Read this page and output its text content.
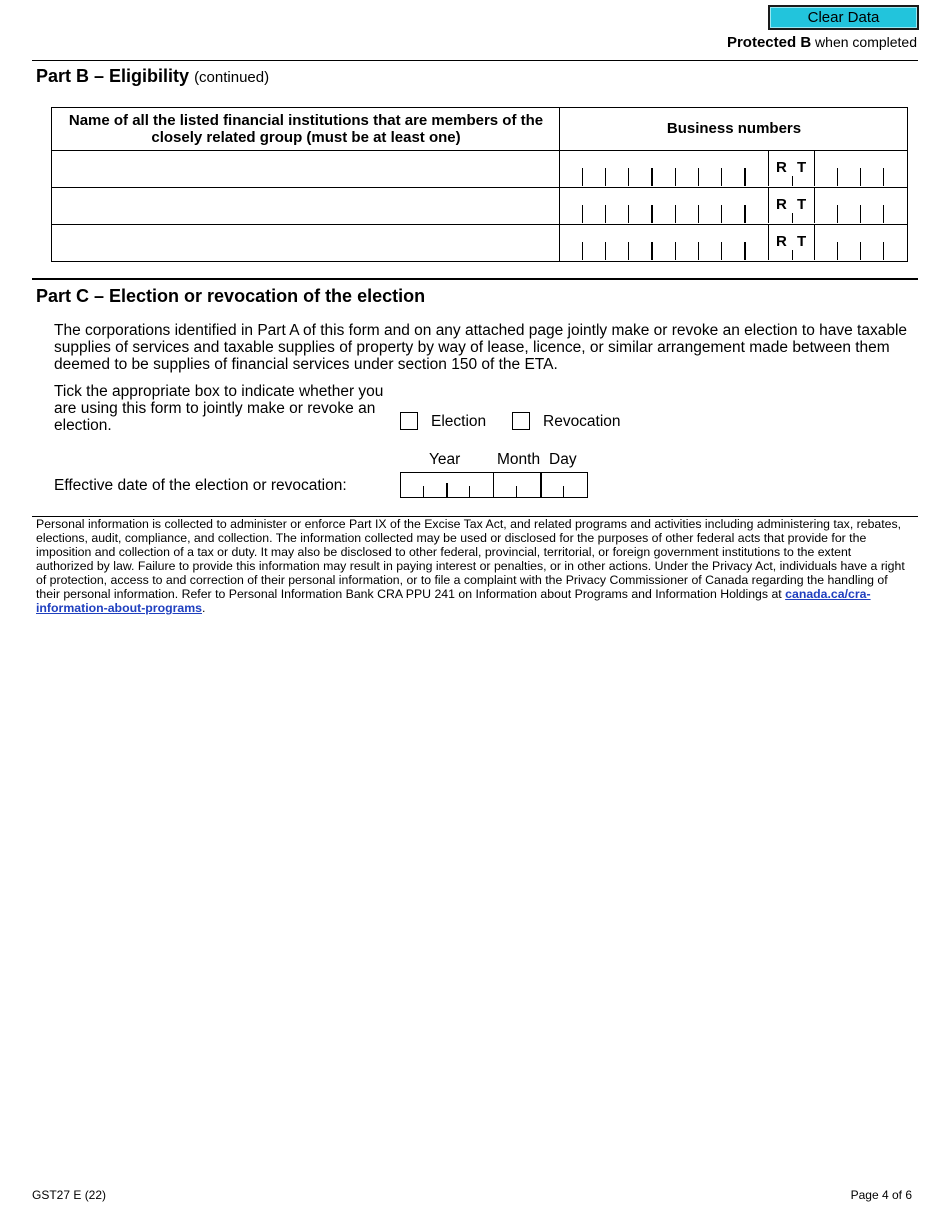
Clear Data
Protected B when completed
Part B – Eligibility (continued)
Name of all the listed financial institutions that are members of the closely related group (must be at least one)
Business numbers
R T
R T
R T
Part C – Election or revocation of the election
The corporations identified in Part A of this form and on any attached page jointly make or revoke an election to have taxable supplies of services and taxable supplies of property by way of lease, licence, or similar arrangement made between them deemed to be supplies of financial services under section 150 of the ETA.
Tick the appropriate box to indicate whether you are using this form to jointly make or revoke an election.	Election	Revocation
Year Month Day
Effective date of the election or revocation:
Personal information is collected to administer or enforce Part IX of the Excise Tax Act, and related programs and activities including administering tax, rebates, elections, audit, compliance, and collection. The information collected may be used or disclosed for the purposes of other federal acts that provide for the imposition and collection of a tax or duty. It may also be disclosed to other federal, provincial, territorial, or foreign government institutions to the extent authorized by law. Failure to provide this information may result in paying interest or penalties, or in other actions. Under the Privacy Act, individuals have a right of protection, access to and correction of their personal information, or to file a complaint with the Privacy Commissioner of Canada regarding the handling of their personal information. Refer to Personal Information Bank CRA PPU 241 on Information about Programs and Information Holdings at canada.ca/cra-information-about-programs.
GST27 E (22)	Page 4 of 6
